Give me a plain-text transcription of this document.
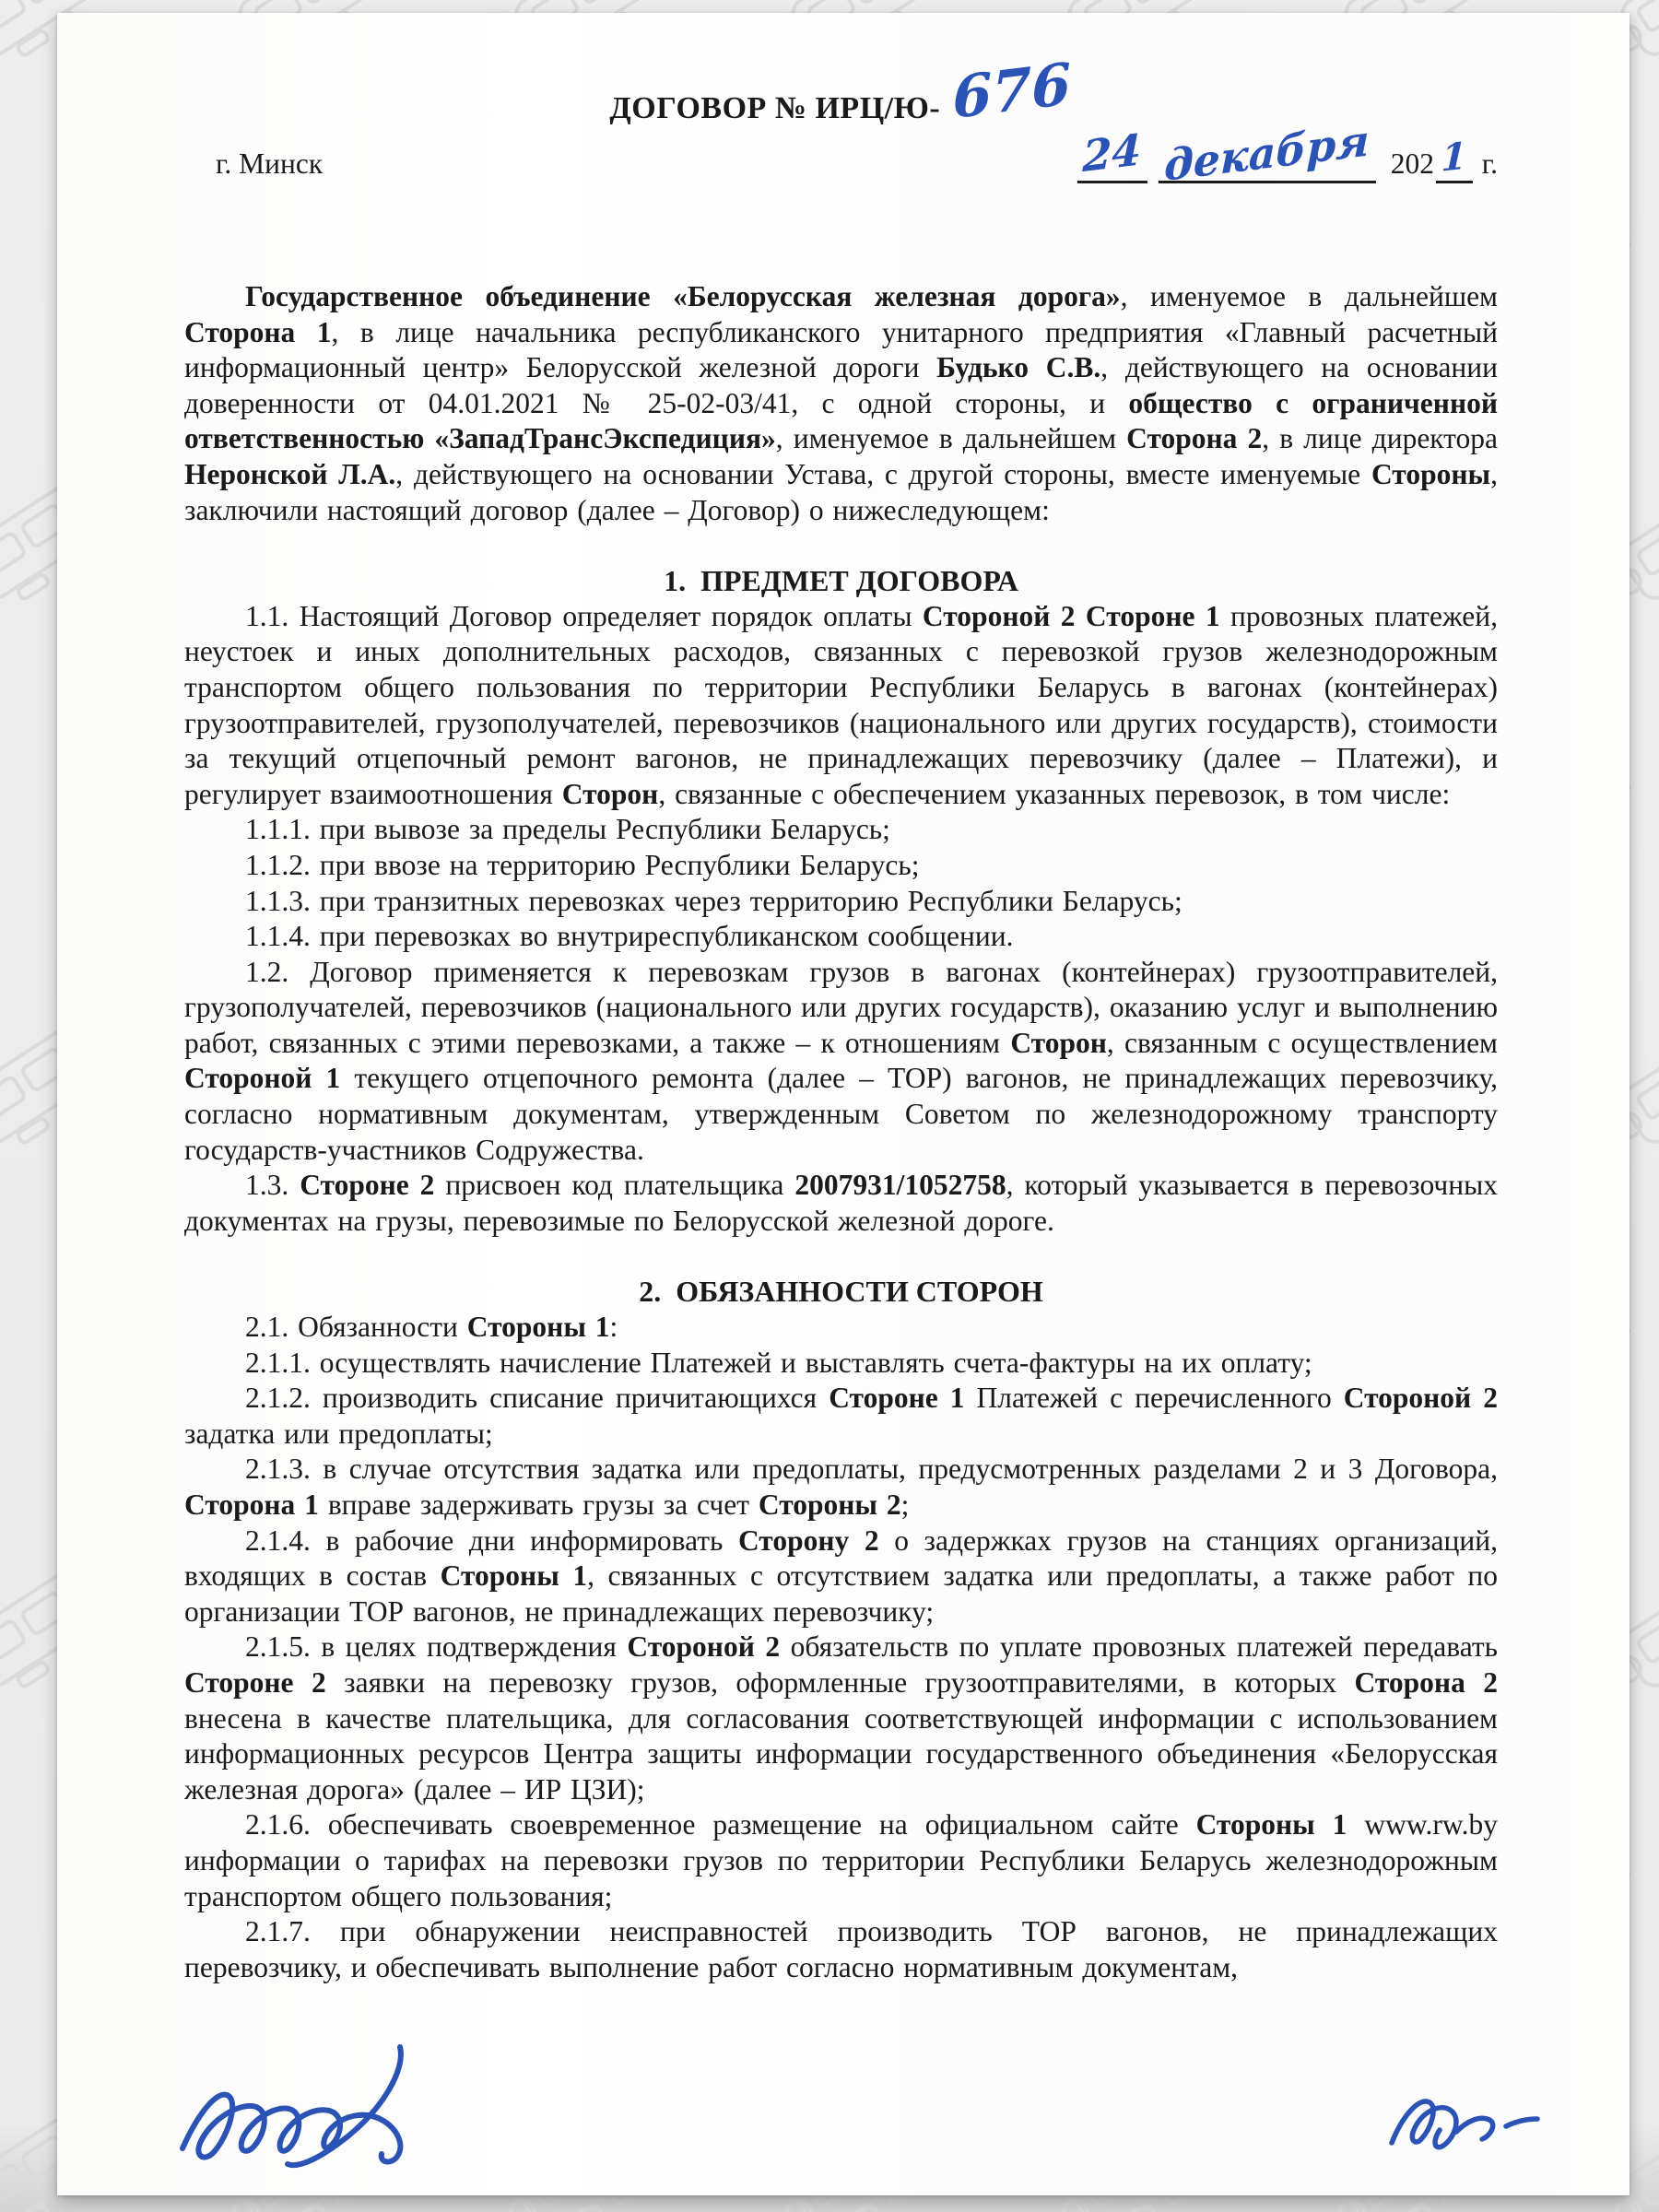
ДОГОВОР № ИРЦ/Ю- 676
г. Минск	24 декабря 202 1 г.

Государственное объединение «Белорусская железная дорога», именуемое в дальнейшем Сторона 1, в лице начальника республиканского унитарного предприятия «Главный расчетный информационный центр» Белорусской железной дороги Будько С.В., действующего на основании доверенности от 04.01.2021 № 25-02-03/41, с одной стороны, и общество с ограниченной ответственностью «ЗападТрансЭкспедиция», именуемое в дальнейшем Сторона 2, в лице директора Неронской Л.А., действующего на основании Устава, с другой стороны, вместе именуемые Стороны, заключили настоящий договор (далее – Договор) о нижеследующем:

1.  ПРЕДМЕТ ДОГОВОРА

1.1. Настоящий Договор определяет порядок оплаты Стороной 2 Стороне 1 провозных платежей, неустоек и иных дополнительных расходов, связанных с перевозкой грузов железнодорожным транспортом общего пользования по территории Республики Беларусь в вагонах (контейнерах) грузоотправителей, грузополучателей, перевозчиков (национального или других государств), стоимости за текущий отцепочный ремонт вагонов, не принадлежащих перевозчику (далее – Платежи), и регулирует взаимоотношения Сторон, связанные с обеспечением указанных перевозок, в том числе:

1.1.1. при вывозе за пределы Республики Беларусь;

1.1.2. при ввозе на территорию Республики Беларусь;

1.1.3. при транзитных перевозках через территорию Республики Беларусь;

1.1.4. при перевозках во внутриреспубликанском сообщении.

1.2. Договор применяется к перевозкам грузов в вагонах (контейнерах) грузоотправителей, грузополучателей, перевозчиков (национального или других государств), оказанию услуг и выполнению работ, связанных с этими перевозками, а также – к отношениям Сторон, связанным с осуществлением Стороной 1 текущего отцепочного ремонта (далее – ТОР) вагонов, не принадлежащих перевозчику, согласно нормативным документам, утвержденным Советом по железнодорожному транспорту государств-участников Содружества.

1.3. Стороне 2 присвоен код плательщика 2007931/1052758, который указывается в перевозочных документах на грузы, перевозимые по Белорусской железной дороге.

2.  ОБЯЗАННОСТИ СТОРОН

2.1. Обязанности Стороны 1:

2.1.1. осуществлять начисление Платежей и выставлять счета-фактуры на их оплату;

2.1.2. производить списание причитающихся Стороне 1 Платежей с перечисленного Стороной 2 задатка или предоплаты;

2.1.3. в случае отсутствия задатка или предоплаты, предусмотренных разделами 2 и 3 Договора, Сторона 1 вправе задерживать грузы за счет Стороны 2;

2.1.4. в рабочие дни информировать Сторону 2 о задержках грузов на станциях организаций, входящих в состав Стороны 1, связанных с отсутствием задатка или предоплаты, а также работ по организации ТОР вагонов, не принадлежащих перевозчику;

2.1.5. в целях подтверждения Стороной 2 обязательств по уплате провозных платежей передавать Стороне 2 заявки на перевозку грузов, оформленные грузоотправителями, в которых Сторона 2 внесена в качестве плательщика, для согласования соответствующей информации с использованием информационных ресурсов Центра защиты информации государственного объединения «Белорусская железная дорога» (далее – ИР ЦЗИ);

2.1.6. обеспечивать своевременное размещение на официальном сайте Стороны 1 www.rw.by информации о тарифах на перевозки грузов по территории Республики Беларусь железнодорожным транспортом общего пользования;

2.1.7. при обнаружении неисправностей производить ТОР вагонов, не принадлежащих перевозчику, и обеспечивать выполнение работ согласно нормативным документам,
